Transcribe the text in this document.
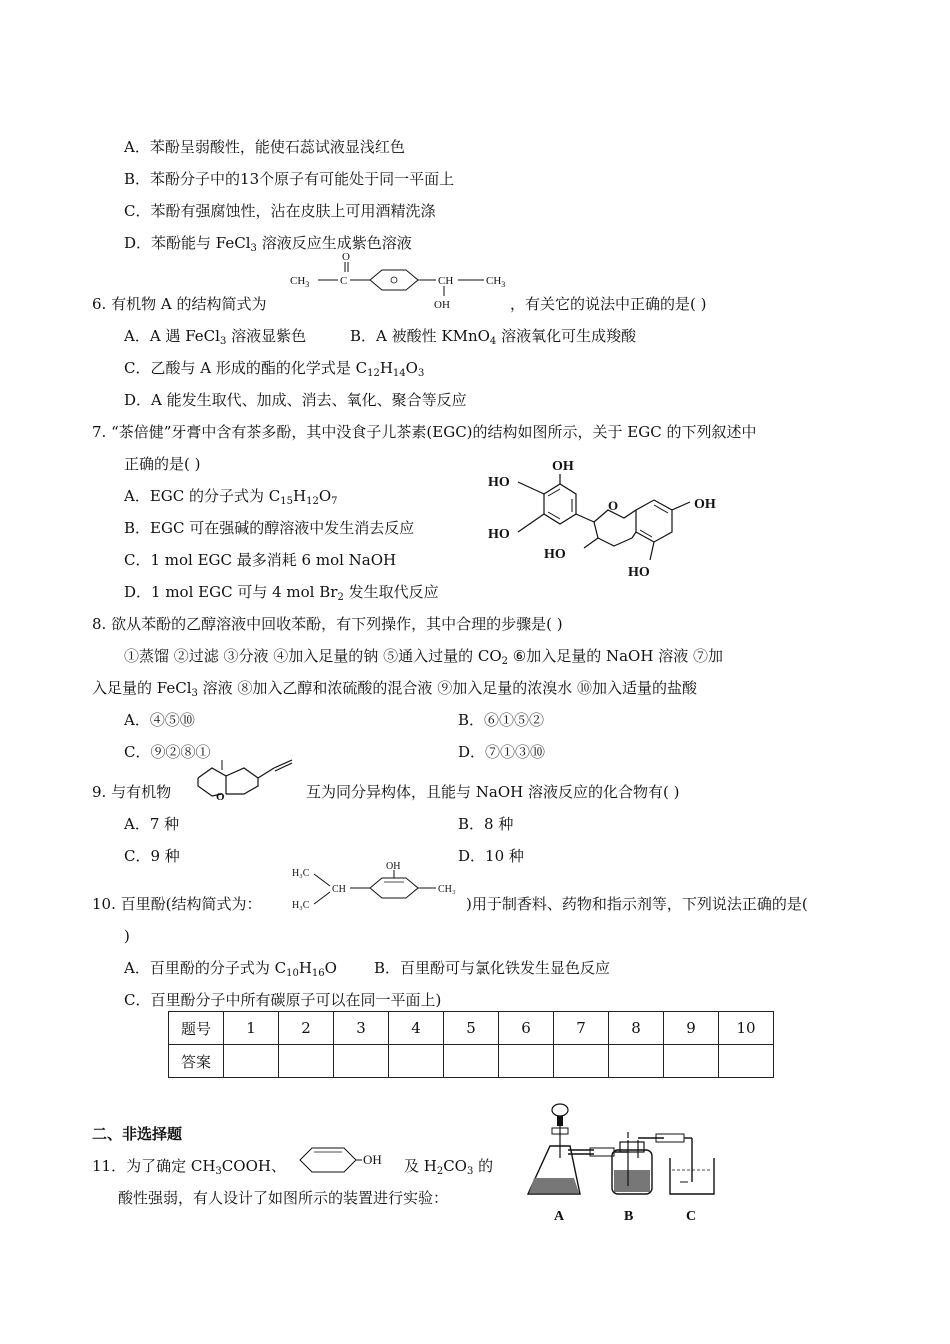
A．苯酚呈弱酸性，能使石蕊试液显浅红色
B．苯酚分子中的13个原子有可能处于同一平面上
C．苯酚有强腐蚀性，沾在皮肤上可用酒精洗涤
D．苯酚能与 FeCl$_3$ 溶液反应生成紫色溶液
$CH_3$	C
O
CH	$CH_3$
OH
6. 有机物 A 的结构简式为	，有关它的说法中正确的是( )
A．A 遇 FeCl$_3$ 溶液显紫色	B．A 被酸性 KMnO$_4$ 溶液氧化可生成羧酸
C．乙酸与 A 形成的酯的化学式是 $C_{12}H_{14}O_3$
D．A 能发生取代、加成、消去、氧化、聚合等反应
7. “茶倍健”牙膏中含有茶多酚，其中没食子儿茶素(EGC)的结构如图所示，关于 EGC 的下列叙述中
正确的是( )
A．EGC 的分子式为 $C_{15}H_{12}O_7$
B．EGC 可在强碱的醇溶液中发生消去反应
C．1 mol EGC 最多消耗 6 mol NaOH
D．1 mol EGC 可与 4 mol $Br_2$ 发生取代反应
OH
HO
HO
O
HO
OH
HO
8. 欲从苯酚的乙醇溶液中回收苯酚，有下列操作，其中合理的步骤是( )
①蒸馏 ②过滤 ③分液 ④加入足量的钠 ⑤通入过量的 $CO_2$ ⑥加入足量的 NaOH 溶液 ⑦加
入足量的 FeCl$_3$ 溶液 ⑧加入乙醇和浓硫酸的混合液 ⑨加入足量的浓溴水 ⑩加入适量的盐酸
A．④⑤⑩	B．⑥①⑤②
C．⑨②⑧①	D．⑦①③⑩
9. 与有机物	O	互为同分异构体，且能与 NaOH 溶液反应的化合物有( )
A．7 种	B．8 种
C．9 种	D．10 种
10. 百里酚(结构简式为：
H₃C
H₃C
CH
OH
CH₃
)用于制香料、药物和指示剂等，下列说法正确的是(
)
A．百里酚的分子式为 $C_{10}H_{16}O$ B．百里酚可与氯化铁发生显色反应
C．百里酚分子中所有碳原子可以在同一平面上)
题号	1	2	3	4	5	6	7	8	9	10
答案										
二、非选择题
11．为了确定 $CH_3COOH$、	及 $H_2CO_3$ 的
OH
酸性强弱，有人设计了如图所示的装置进行实验：
A	B	C
